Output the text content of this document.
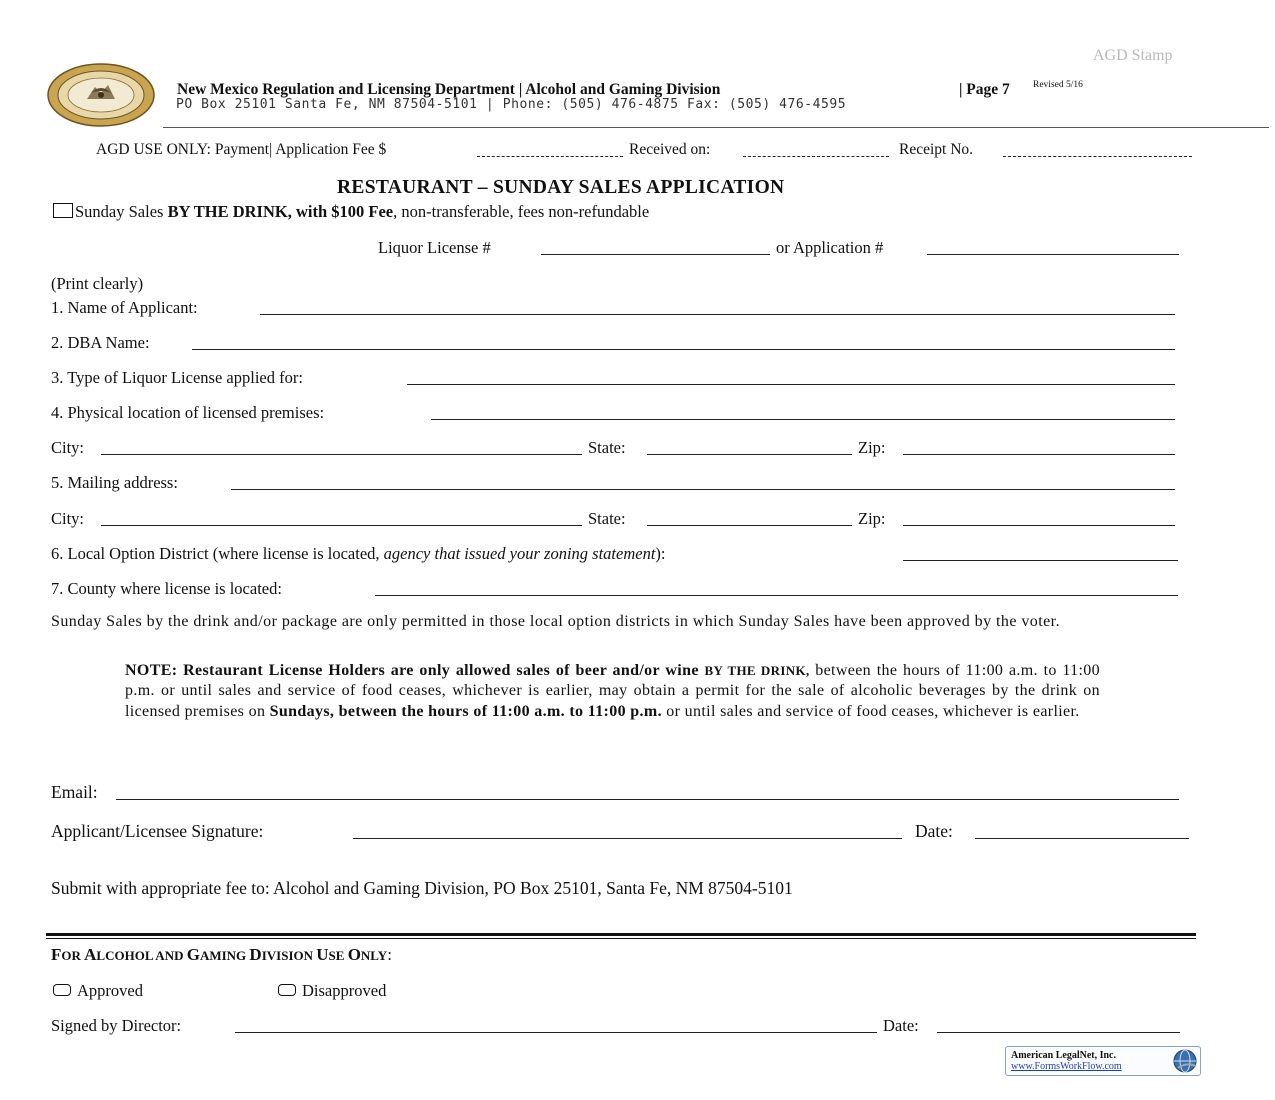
AGD Stamp
New Mexico Regulation and Licensing Department | Alcohol and Gaming Division	| Page 7 Revised 5/16
PO Box 25101 Santa Fe, NM 87504-5101 | Phone: (505) 476-4875 Fax: (505) 476-4595
AGD USE ONLY: Payment| Application Fee $	Received on:	Receipt No.
RESTAURANT – SUNDAY SALES APPLICATION
Sunday Sales BY THE DRINK, with $100 Fee, non-transferable, fees non-refundable
Liquor License #	or Application #
(Print clearly)
1. Name of Applicant:
2. DBA Name:
3. Type of Liquor License applied for:
4. Physical location of licensed premises:
City:	State:	Zip:
5. Mailing address:
City:	State:	Zip:
6. Local Option District (where license is located, agency that issued your zoning statement):
7. County where license is located:
Sunday Sales by the drink and/or package are only permitted in those local option districts in which Sunday Sales have been approved by the voter.
NOTE: Restaurant License Holders are only allowed sales of beer and/or wine BY THE DRINK, between the hours of 11:00 a.m. to 11:00 p.m. or until sales and service of food ceases, whichever is earlier, may obtain a permit for the sale of alcoholic beverages by the drink on licensed premises on Sundays, between the hours of 11:00 a.m. to 11:00 p.m. or until sales and service of food ceases, whichever is earlier.
Email:
Applicant/Licensee Signature:	Date:
Submit with appropriate fee to: Alcohol and Gaming Division, PO Box 25101, Santa Fe, NM 87504-5101
FOR ALCOHOL AND GAMING DIVISION USE ONLY:
Approved	Disapproved
Signed by Director:	Date:
American LegalNet, Inc.
www.FormsWorkFlow.com
